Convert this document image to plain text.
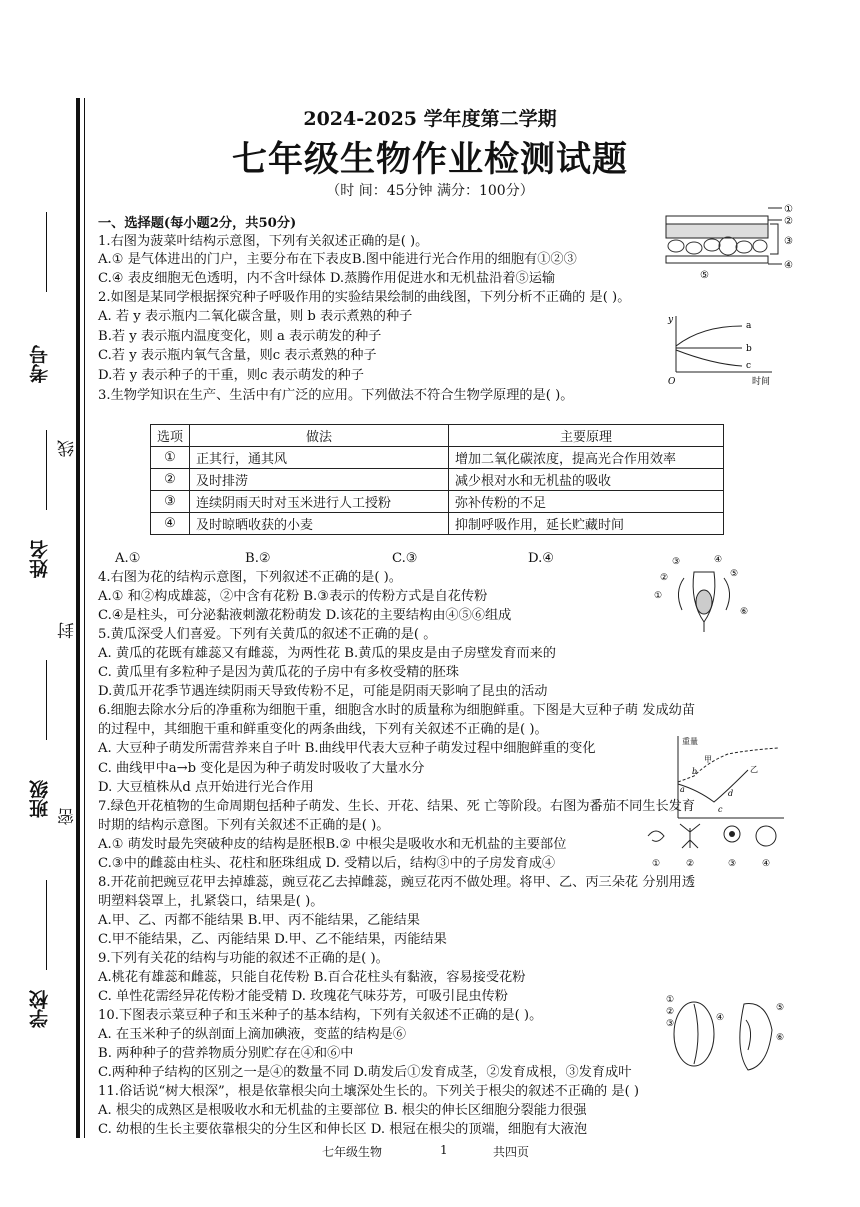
考号
线
姓名
封
班级 密
学校
2024-2025 学年度第二学期
七年级生物作业检测试题
（时 间：45分钟 满分：100分）
一、选择题(每小题2分，共50分)
1.右图为菠菜叶结构示意图，下列有关叙述正确的是( )。
A.① 是气体进出的门户，主要分布在下表皮B.图中能进行光合作用的细胞有①②③
C.④ 表皮细胞无色透明，内不含叶绿体 D.蒸腾作用促进水和无机盐沿着⑤运输
2.如图是某同学根据探究种子呼吸作用的实验结果绘制的曲线图，下列分析不正确的 是( )。
A. 若 y 表示瓶内二氧化碳含量，则 b 表示煮熟的种子
B.若 y 表示瓶内温度变化，则 a 表示萌发的种子
C.若 y 表示瓶内氧气含量，则c 表示煮熟的种子
D.若 y 表示种子的干重，则c 表示萌发的种子
3.生物学知识在生产、生活中有广泛的应用。下列做法不符合生物学原理的是( )。
选项	做法	主要原理
①	正其行，通其风	增加二氧化碳浓度，提高光合作用效率
②	及时排涝	减少根对水和无机盐的吸收
③	连续阴雨天时对玉米进行人工授粉	弥补传粉的不足
④	及时晾晒收获的小麦	抑制呼吸作用，延长贮藏时间
A.①	B.②	C.③	D.④
4.右图为花的结构示意图，下列叙述不正确的是( )。
A.① 和②构成雄蕊，②中含有花粉 B.③表示的传粉方式是自花传粉
C.④是柱头，可分泌黏液刺激花粉萌发 D.该花的主要结构由④⑤⑥组成
5.黄瓜深受人们喜爱。下列有关黄瓜的叙述不正确的是( 。
A. 黄瓜的花既有雄蕊又有雌蕊，为两性花 B.黄瓜的果皮是由子房壁发育而来的
C. 黄瓜里有多粒种子是因为黄瓜花的子房中有多枚受精的胚珠
D.黄瓜开花季节遇连续阴雨天导致传粉不足，可能是阴雨天影响了昆虫的活动
6.细胞去除水分后的净重称为细胞干重，细胞含水时的质量称为细胞鲜重。下图是大豆种子萌 发成幼苗
的过程中，其细胞干重和鲜重变化的两条曲线，下列有关叙述不正确的是( )。
A. 大豆种子萌发所需营养来自子叶 B.曲线甲代表大豆种子萌发过程中细胞鲜重的变化
C. 曲线甲中a→b 变化是因为种子萌发时吸收了大量水分
D. 大豆植株从d 点开始进行光合作用
7.绿色开花植物的生命周期包括种子萌发、生长、开花、结果、死 亡等阶段。右图为番茄不同生长发育
时期的结构示意图。下列有关叙述不正确的是( )。
A.① 萌发时最先突破种皮的结构是胚根B.② 中根尖是吸收水和无机盐的主要部位
C.③中的雌蕊由柱头、花柱和胚珠组成 D. 受精以后，结构③中的子房发育成④
8.开花前把豌豆花甲去掉雄蕊，豌豆花乙去掉雌蕊，豌豆花丙不做处理。将甲、乙、丙三朵花 分别用透
明塑料袋罩上，扎紧袋口，结果是( )。
A.甲、乙、丙都不能结果 B.甲、丙不能结果，乙能结果
C.甲不能结果，乙、丙能结果 D.甲、乙不能结果，丙能结果
9.下列有关花的结构与功能的叙述不正确的是( )。
A.桃花有雄蕊和雌蕊，只能自花传粉 B.百合花柱头有黏液，容易接受花粉
C. 单性花需经异花传粉才能受精 D. 玫瑰花气味芬芳，可吸引昆虫传粉
10.下图表示菜豆种子和玉米种子的基本结构，下列有关叙述不正确的是( )。
A. 在玉米种子的纵剖面上滴加碘液，变蓝的结构是⑥
B. 两种种子的营养物质分别贮存在④和⑥中
C.两种种子结构的区别之一是④的数量不同 D.萌发后①发育成茎，②发育成根，③发育成叶
11.俗话说“树大根深”，根是依靠根尖向土壤深处生长的。下列关于根尖的叙述不正确的 是( )
A. 根尖的成熟区是根吸收水和无机盐的主要部位 B. 根尖的伸长区细胞分裂能力很强
C. 幼根的生长主要依靠根尖的分生区和伸长区 D. 根冠在根尖的顶端，细胞有大液泡
①
②
③
④
⑤
y
O	时间
a
b
c
③
②
①
④
⑤
⑥
重量
甲
乙
a
b
c
d
①	②	③	④
①
②
③
④
⑤
⑥
七年级生物	1	共四页
